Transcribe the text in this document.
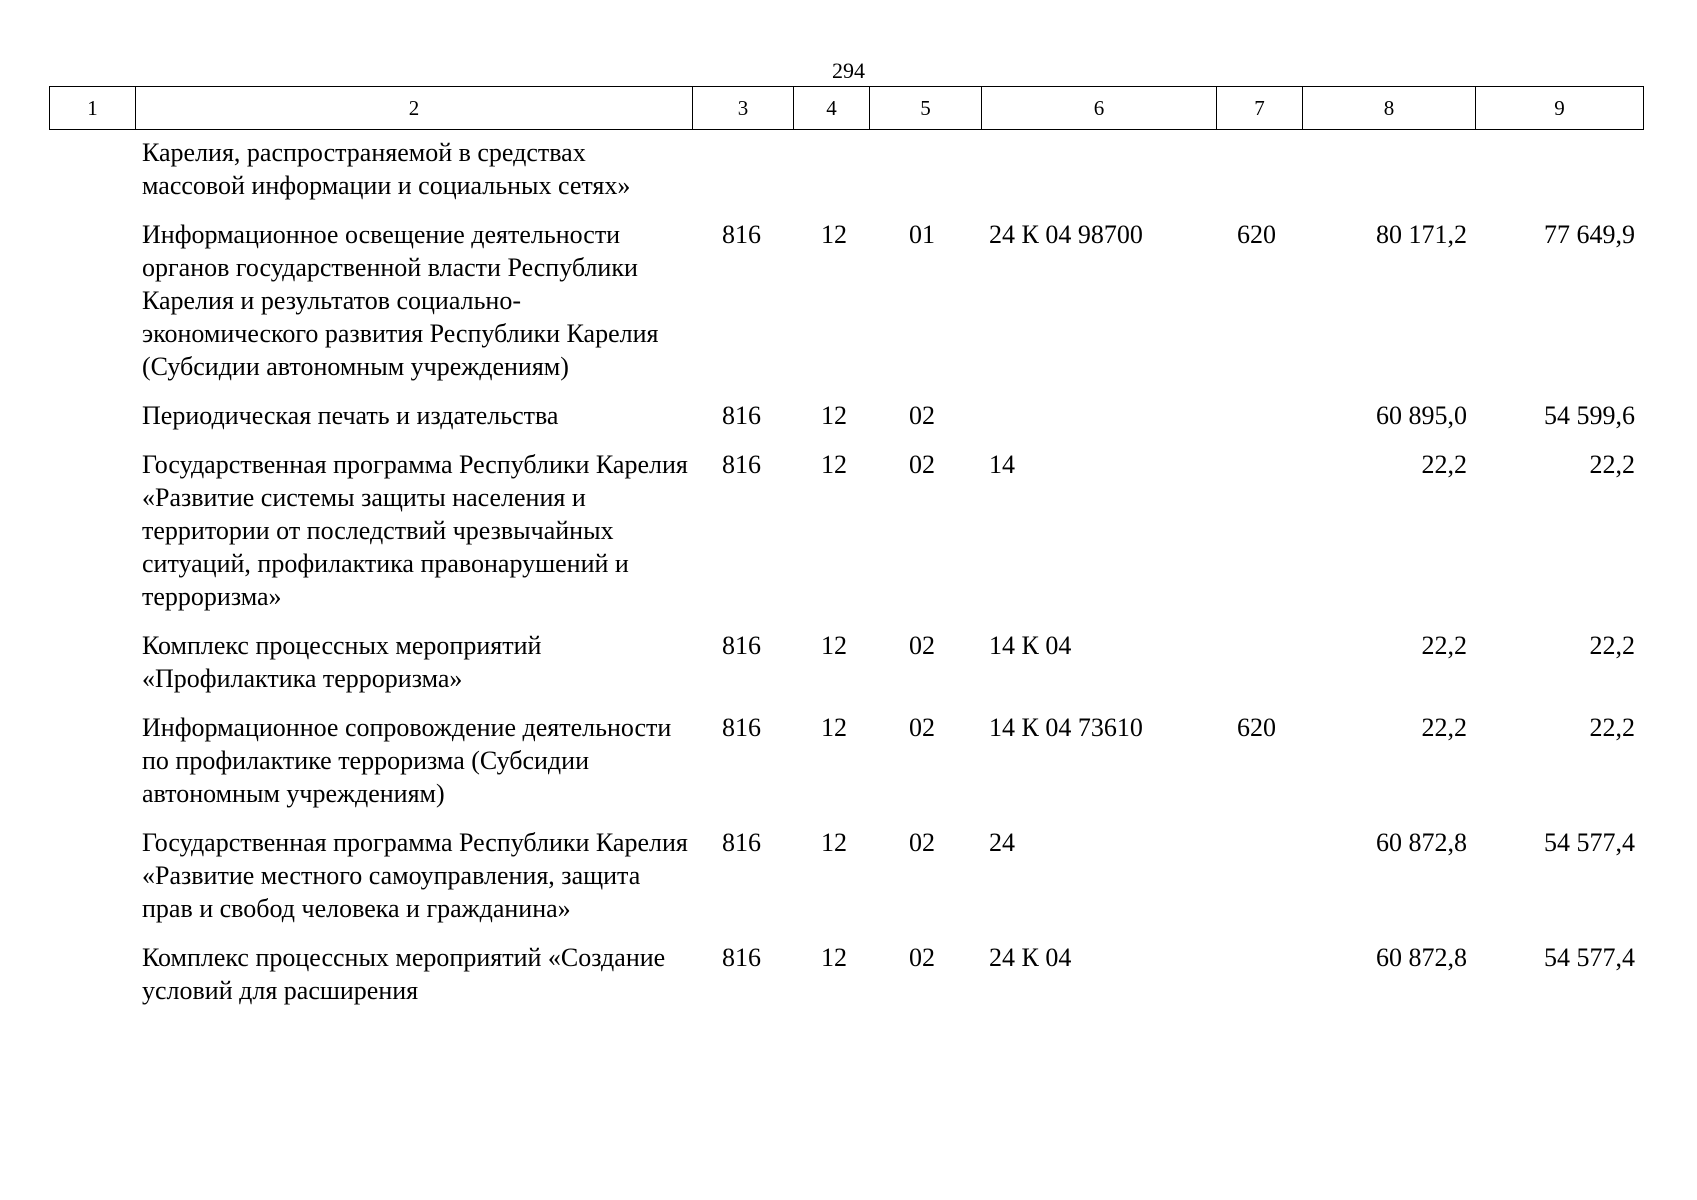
294
1	2	3	4	5	6	7	8	9
	Карелия, распространяемой в средствах массовой информации и социальных сетях»							
	Информационное освещение деятельности органов государственной власти Республики Карелия и результатов социально-экономического развития Республики Карелия (Субсидии автономным учреждениям)	816	12	01	24 К 04 98700	620	80 171,2	77 649,9
	Периодическая печать и издательства	816	12	02			60 895,0	54 599,6
	Государственная программа Республики Карелия «Развитие системы защиты населения и территории от последствий чрезвычайных ситуаций, профилактика правонарушений и терроризма»	816	12	02	14		22,2	22,2
	Комплекс процессных мероприятий «Профилактика терроризма»	816	12	02	14 К 04		22,2	22,2
	Информационное сопровождение деятельности по профилактике терроризма (Субсидии автономным учреждениям)	816	12	02	14 К 04 73610	620	22,2	22,2
	Государственная программа Республики Карелия «Развитие местного самоуправления, защита прав и свобод человека и гражданина»	816	12	02	24		60 872,8	54 577,4
	Комплекс процессных мероприятий «Создание условий для расширения	816	12	02	24 К 04		60 872,8	54 577,4
